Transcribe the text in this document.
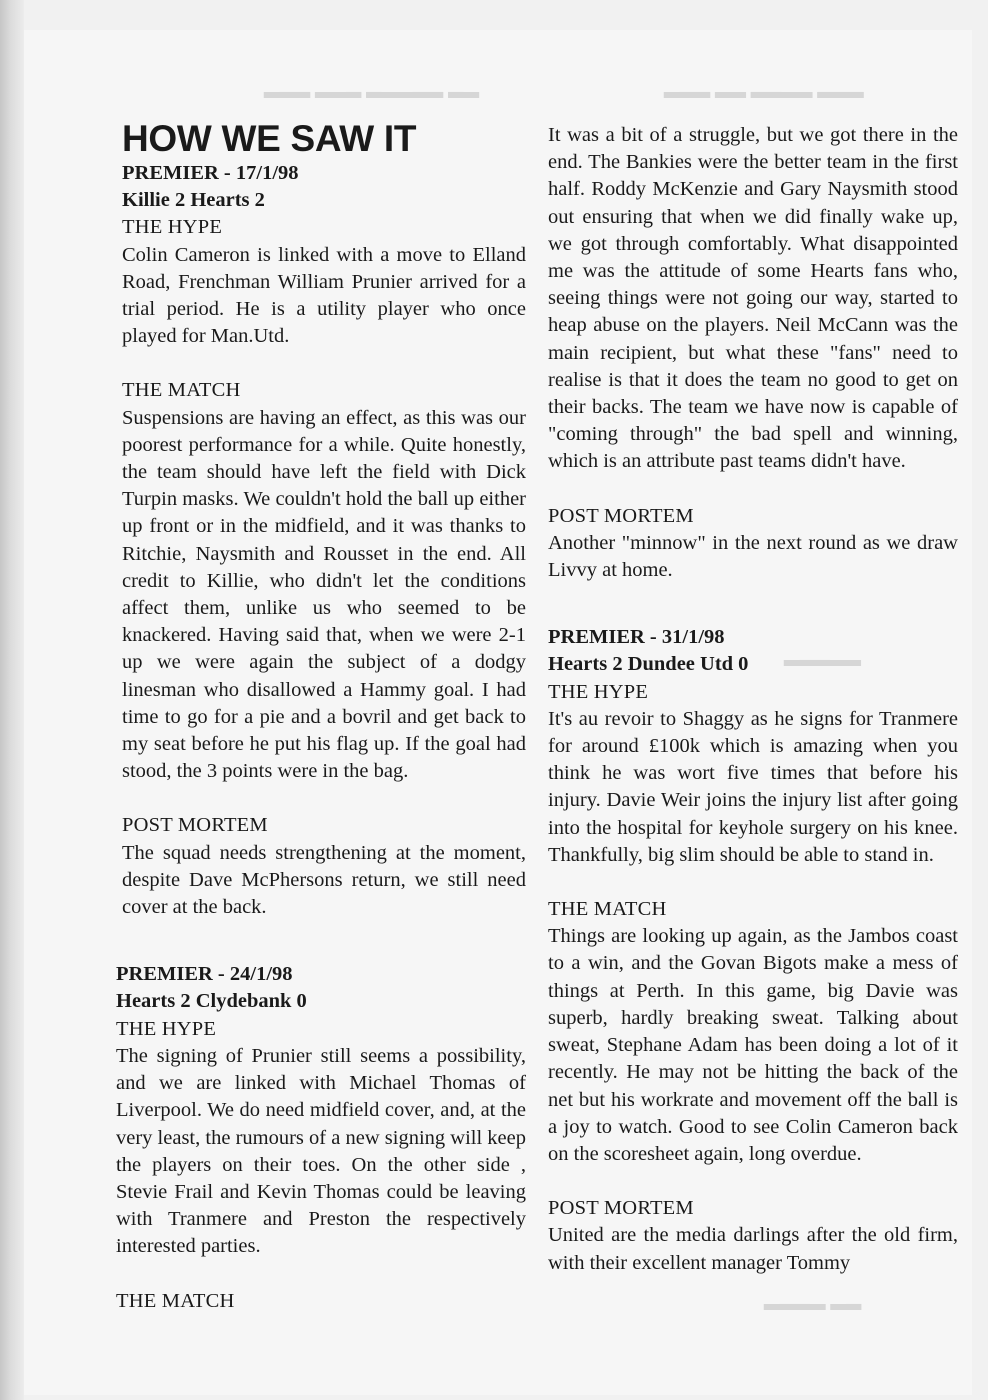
▂▂▂ ▂▂ ▂▂▂▂ ▂▂▂
▂▂▂ ▂▂▂ ▂▂▂▂▂ ▂▂
▂▂▂▂▂
▂▂▂▂ ▂▂
HOW WE SAW IT

PREMIER - 17/1/98

Killie 2 Hearts 2

THE HYPE

Colin Cameron is linked with a move to Elland Road, Frenchman William Prunier arrived for a trial period. He is a utility player who once played for Man.Utd.

THE MATCH

Suspensions are having an effect, as this was our poorest performance for a while. Quite honestly, the team should have left the field with Dick Turpin masks. We couldn't hold the ball up either up front or in the midfield, and it was thanks to Ritchie, Naysmith and Rousset in the end. All credit to Killie, who didn't let the conditions affect them, unlike us who seemed to be knackered. Having said that, when we were 2-1 up we were again the subject of a dodgy linesman who disallowed a Hammy goal. I had time to go for a pie and a bovril and get back to my seat before he put his flag up. If the goal had stood, the 3 points were in the bag.

POST MORTEM

The squad needs strengthening at the moment, despite Dave McPhersons return, we still need cover at the back.

PREMIER - 24/1/98

Hearts 2 Clydebank 0

THE HYPE

The signing of Prunier still seems a possibility, and we are linked with Michael Thomas of Liverpool. We do need midfield cover, and, at the very least, the rumours of a new signing will keep the players on their toes. On the other side , Stevie Frail and Kevin Thomas could be leaving with Tranmere and Preston the respectively interested parties.

THE MATCH

It was a bit of a struggle, but we got there in the end. The Bankies were the better team in the first half. Roddy McKenzie and Gary Naysmith stood out ensuring that when we did finally wake up, we got through comfortably. What disappointed me was the attitude of some Hearts fans who, seeing things were not going our way, started to heap abuse on the players. Neil McCann was the main recipient, but what these "fans" need to realise is that it does the team no good to get on their backs. The team we have now is capable of "coming through" the bad spell and winning, which is an attribute past teams didn't have.

POST MORTEM

Another "minnow" in the next round as we draw Livvy at home.

PREMIER - 31/1/98

Hearts 2 Dundee Utd 0

THE HYPE

It's au revoir to Shaggy as he signs for Tranmere for around £100k which is amazing when you think he was wort five times that before his injury. Davie Weir joins the injury list after going into the hospital for keyhole surgery on his knee. Thankfully, big slim should be able to stand in.

THE MATCH

Things are looking up again, as the Jambos coast to a win, and the Govan Bigots make a mess of things at Perth. In this game, big Davie was superb, hardly breaking sweat. Talking about sweat, Stephane Adam has been doing a lot of it recently. He may not be hitting the back of the net but his workrate and movement off the ball is a joy to watch. Good to see Colin Cameron back on the scoresheet again, long overdue.

POST MORTEM

United are the media darlings after the old firm, with their excellent manager Tommy
